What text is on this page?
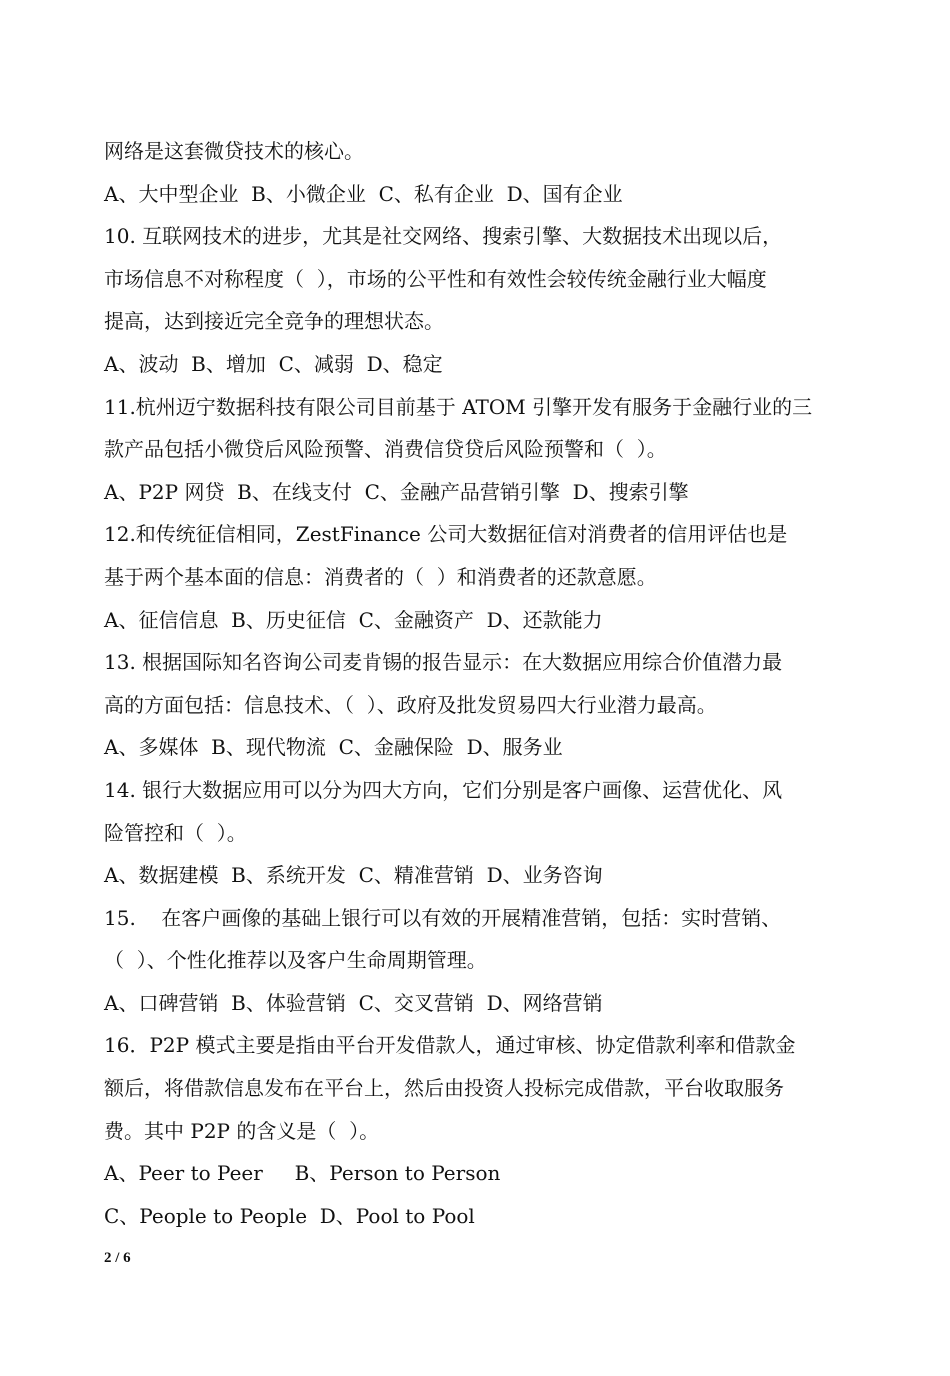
网络是这套微贷技术的核心。
A、大中型企业  B、小微企业  C、私有企业  D、国有企业
10. 互联网技术的进步，尤其是社交网络、搜索引擎、大数据技术出现以后，
市场信息不对称程度（  ），市场的公平性和有效性会较传统金融行业大幅度
提高，达到接近完全竞争的理想状态。
A、波动  B、增加  C、减弱  D、稳定
11.杭州迈宁数据科技有限公司目前基于 ATOM 引擎开发有服务于金融行业的三
款产品包括小微贷后风险预警、消费信贷贷后风险预警和（  ）。
A、P2P 网贷  B、在线支付  C、金融产品营销引擎  D、搜索引擎
12.和传统征信相同，ZestFinance 公司大数据征信对消费者的信用评估也是
基于两个基本面的信息：消费者的（  ）和消费者的还款意愿。
A、征信信息  B、历史征信  C、金融资产  D、还款能力
13. 根据国际知名咨询公司麦肯锡的报告显示：在大数据应用综合价值潜力最
高的方面包括：信息技术、（  ）、政府及批发贸易四大行业潜力最高。
A、多媒体  B、现代物流  C、金融保险  D、服务业
14. 银行大数据应用可以分为四大方向，它们分别是客户画像、运营优化、风
险管控和（  ）。
A、数据建模  B、系统开发  C、精准营销  D、业务咨询
15.    在客户画像的基础上银行可以有效的开展精准营销，包括：实时营销、
（  ）、个性化推荐以及客户生命周期管理。
A、口碑营销  B、体验营销  C、交叉营销  D、网络营销
16．P2P 模式主要是指由平台开发借款人，通过审核、协定借款利率和借款金
额后，将借款信息发布在平台上，然后由投资人投标完成借款，平台收取服务
费。其中 P2P 的含义是（  ）。
A、Peer to Peer     B、Person to Person
C、People to People  D、Pool to Pool
2 / 6
